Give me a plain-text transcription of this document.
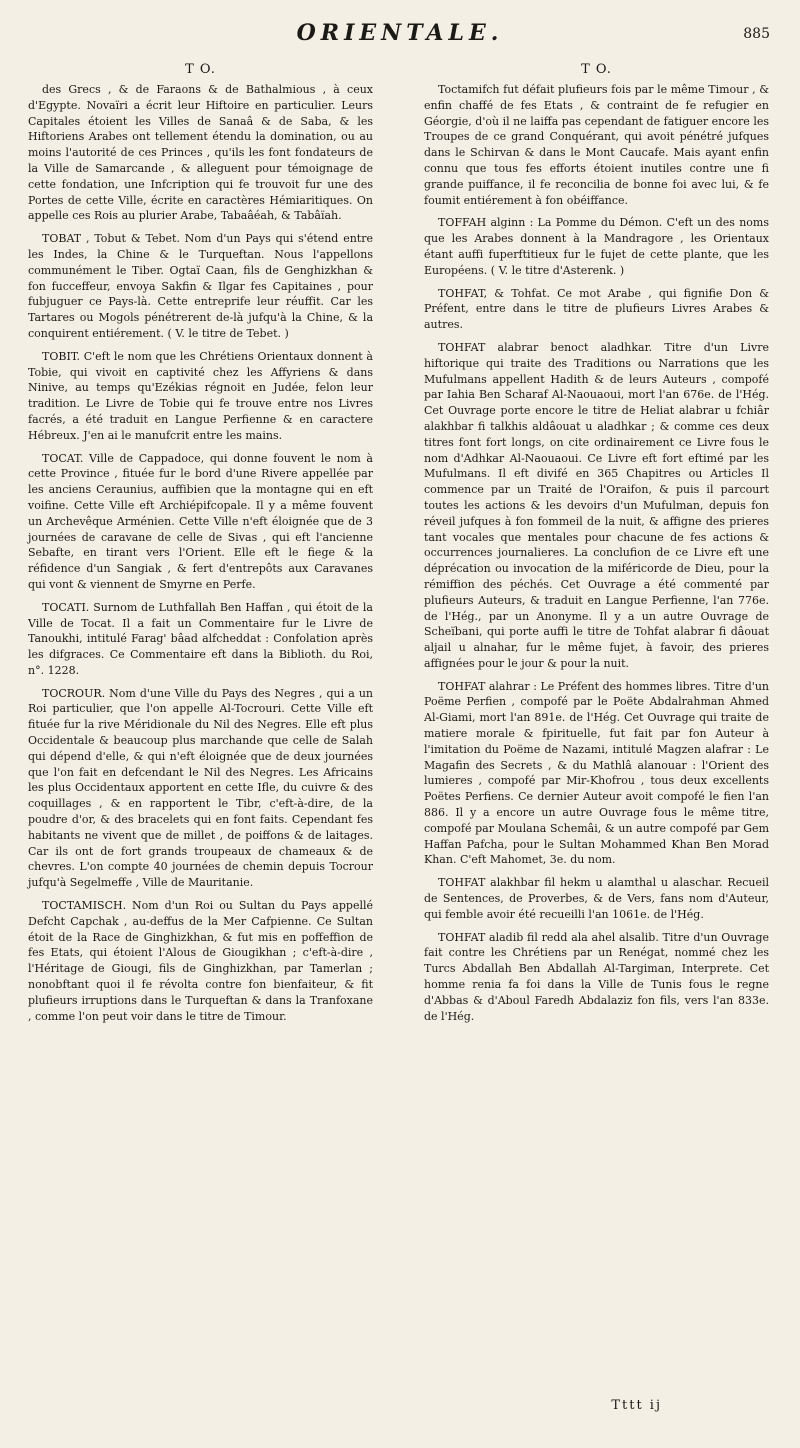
ORIENTALE.	885
T O.

des Grecs , & de Faraons & de Bathalmious , à ceux d'Egypte. Novaïri a écrit leur Hiftoire en particulier. Leurs Capitales étoient les Villes de Sanaâ & de Saba, & les Hiftoriens Arabes ont tellement étendu la domination, ou au moins l'autorité de ces Princes , qu'ils les font fondateurs de la Ville de Samarcande , & alleguent pour témoignage de cette fondation, une Infcription qui fe trouvoit fur une des Portes de cette Ville, écrite en caractères Hémiaritiques. On appelle ces Rois au plurier Arabe, Tabaâéah, & Tabâïah.

TOBAT , Tobut & Tebet. Nom d'un Pays qui s'étend entre les Indes, la Chine & le Turqueftan. Nous l'appellons communément le Tiber. Ogtaï Caan, fils de Genghizkhan & fon fucceffeur, envoya Sakfin & Ilgar fes Capitaines , pour fubjuguer ce Pays-là. Cette entreprife leur réuffit. Car les Tartares ou Mogols pénétrerent de-là jufqu'à la Chine, & la conquirent entiérement. ( V. le titre de Tebet. )

TOBIT. C'eft le nom que les Chrétiens Orientaux donnent à Tobie, qui vivoit en captivité chez les Affyriens & dans Ninive, au temps qu'Ezékias régnoit en Judée, felon leur tradition. Le Livre de Tobie qui fe trouve entre nos Livres facrés, a été traduit en Langue Perfienne & en caractere Hébreux. J'en ai le manufcrit entre les mains.

TOCAT. Ville de Cappadoce, qui donne fouvent le nom à cette Province , fituée fur le bord d'une Rivere appellée par les anciens Ceraunius, auffibien que la montagne qui en eft voifine. Cette Ville eft Archiépifcopale. Il y a même fouvent un Archevêque Arménien. Cette Ville n'eft éloignée que de 3 journées de caravane de celle de Sivas , qui eft l'ancienne Sebafte, en tirant vers l'Orient. Elle eft le fiege & la réfidence d'un Sangiak , & fert d'entrepôts aux Caravanes qui vont & viennent de Smyrne en Perfe.

TOCATI. Surnom de Luthfallah Ben Haffan , qui étoit de la Ville de Tocat. Il a fait un Commentaire fur le Livre de Tanoukhi, intitulé Farag' bâad alfcheddat : Confolation après les difgraces. Ce Commentaire eft dans la Biblioth. du Roi, n°. 1228.

TOCROUR. Nom d'une Ville du Pays des Negres , qui a un Roi particulier, que l'on appelle Al-Tocrouri. Cette Ville eft fituée fur la rive Méridionale du Nil des Negres. Elle eft plus Occidentale & beaucoup plus marchande que celle de Salah qui dépend d'elle, & qui n'eft éloignée que de deux journées que l'on fait en defcendant le Nil des Negres. Les Africains les plus Occidentaux apportent en cette Ifle, du cuivre & des coquillages , & en rapportent le Tibr, c'eft-à-dire, de la poudre d'or, & des bracelets qui en font faits. Cependant fes habitants ne vivent que de millet , de poiffons & de laitages. Car ils ont de fort grands troupeaux de chameaux & de chevres. L'on compte 40 journées de chemin depuis Tocrour jufqu'à Segelmeffe , Ville de Mauritanie.

TOCTAMISCH. Nom d'un Roi ou Sultan du Pays appellé Defcht Capchak , au-deffus de la Mer Cafpienne. Ce Sultan étoit de la Race de Ginghizkhan, & fut mis en poffeffion de fes Etats, qui étoient l'Alous de Giougikhan ; c'eft-à-dire , l'Héritage de Giougi, fils de Ginghizkhan, par Tamerlan ; nonobftant quoi il fe révolta contre fon bienfaiteur, & fit plufieurs irruptions dans le Turqueftan & dans la Tranfoxane , comme l'on peut voir dans le titre de Timour.

T O.

Toctamifch fut défait plufieurs fois par le même Timour , & enfin chaffé de fes Etats , & contraint de fe refugier en Géorgie, d'où il ne laiffa pas cependant de fatiguer encore les Troupes de ce grand Conquérant, qui avoit pénétré jufques dans le Schirvan & dans le Mont Caucafe. Mais ayant enfin connu que tous fes efforts étoient inutiles contre une fi grande puiffance, il fe reconcilia de bonne foi avec lui, & fe foumit entiérement à fon obéiffance.

TOFFAH alginn : La Pomme du Démon. C'eft un des noms que les Arabes donnent à la Mandragore , les Orientaux étant auffi fuperftitieux fur le fujet de cette plante, que les Européens. ( V. le titre d'Asterenk. )

TOHFAT, & Tohfat. Ce mot Arabe , qui fignifie Don & Préfent, entre dans le titre de plufieurs Livres Arabes & autres.

TOHFAT alabrar benoct aladhkar. Titre d'un Livre hiftorique qui traite des Traditions ou Narrations que les Mufulmans appellent Hadith & de leurs Auteurs , compofé par Iahia Ben Scharaf Al-Naouaoui, mort l'an 676e. de l'Hég. Cet Ouvrage porte encore le titre de Heliat alabrar u fchiâr alakhbar fi talkhis aldâouat u aladhkar ; & comme ces deux titres font fort longs, on cite ordinairement ce Livre fous le nom d'Adhkar Al-Naouaoui. Ce Livre eft fort eftimé par les Mufulmans. Il eft divifé en 365 Chapitres ou Articles Il commence par un Traité de l'Oraifon, & puis il parcourt toutes les actions & les devoirs d'un Mufulman, depuis fon réveil jufques à fon fommeil de la nuit, & affigne des prieres tant vocales que mentales pour chacune de fes actions & occurrences journalieres. La conclufion de ce Livre eft une déprécation ou invocation de la miféricorde de Dieu, pour la rémiffion des péchés. Cet Ouvrage a été commenté par plufieurs Auteurs, & traduit en Langue Perfienne, l'an 776e. de l'Hég., par un Anonyme. Il y a un autre Ouvrage de Scheïbani, qui porte auffi le titre de Tohfat alabrar fi dâouat aljail u alnahar, fur le même fujet, à favoir, des prieres affignées pour le jour & pour la nuit.

TOHFAT alahrar : Le Préfent des hommes libres. Titre d'un Poëme Perfien , compofé par le Poëte Abdalrahman Ahmed Al-Giami, mort l'an 891e. de l'Hég. Cet Ouvrage qui traite de matiere morale & fpirituelle, fut fait par fon Auteur à l'imitation du Poëme de Nazami, intitulé Magzen alafrar : Le Magafin des Secrets , & du Mathlâ alanouar : l'Orient des lumieres , compofé par Mir-Khofrou , tous deux excellents Poëtes Perfiens. Ce dernier Auteur avoit compofé le fien l'an 886. Il y a encore un autre Ouvrage fous le même titre, compofé par Moulana Schemâi, & un autre compofé par Gem Haffan Pafcha, pour le Sultan Mohammed Khan Ben Morad Khan. C'eft Mahomet, 3e. du nom.

TOHFAT alakhbar fil hekm u alamthal u alaschar. Recueil de Sentences, de Proverbes, & de Vers, fans nom d'Auteur, qui femble avoir été recueilli l'an 1061e. de l'Hég.

TOHFAT aladib fil redd ala ahel alsalib. Titre d'un Ouvrage fait contre les Chrétiens par un Renégat, nommé chez les Turcs Abdallah Ben Abdallah Al-Targiman, Interprete. Cet homme renia fa foi dans la Ville de Tunis fous le regne d'Abbas & d'Aboul Faredh Abdalaziz fon fils, vers l'an 833e. de l'Hég.

Tttt ij
